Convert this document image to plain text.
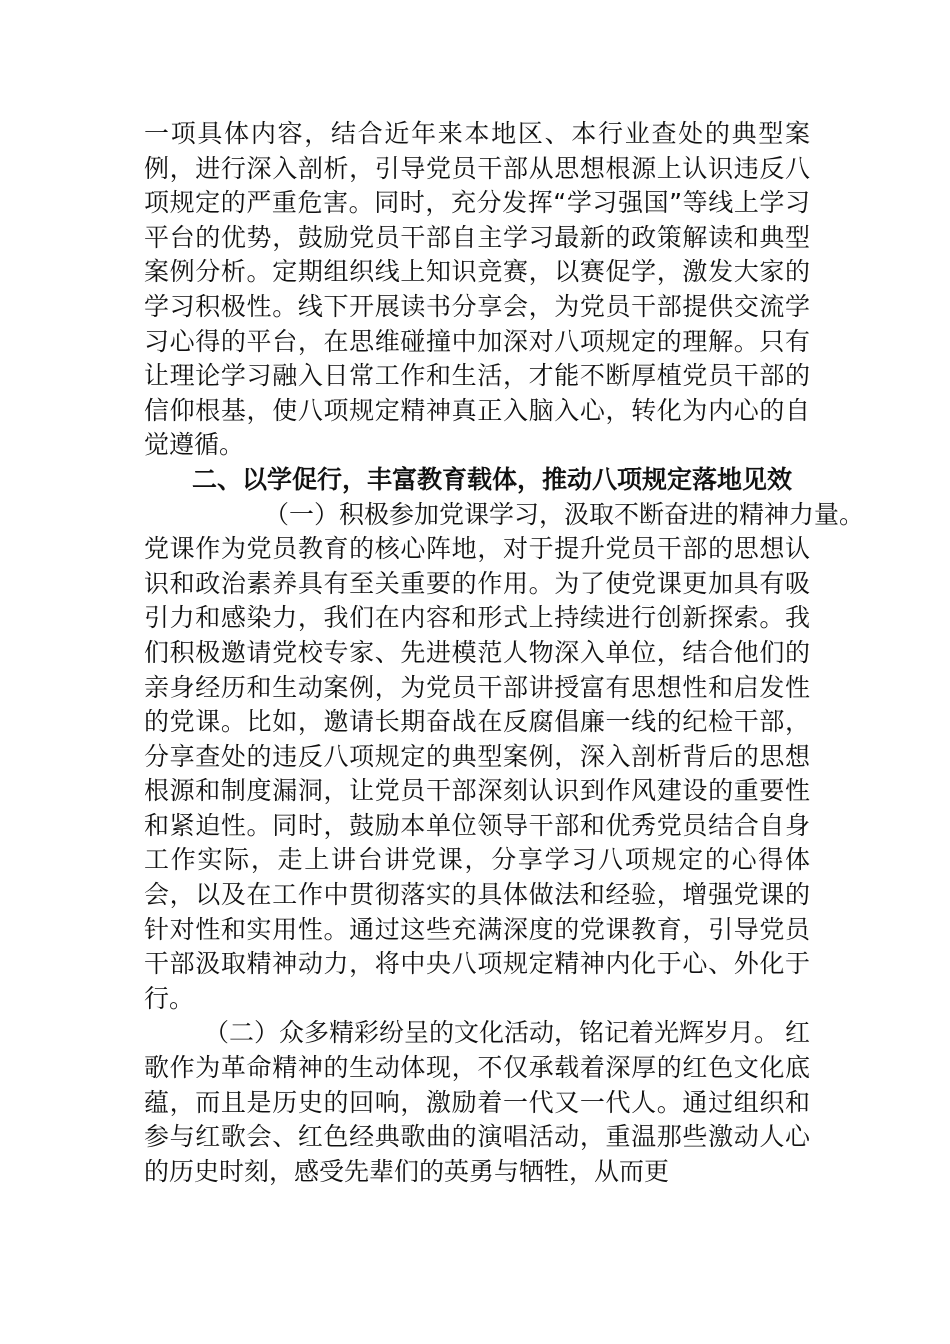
一项具体内容，结合近年来本地区、本行业查处的典型案例，进行深入剖析，引导党员干部从思想根源上认识违反八项规定的严重危害。同时，充分发挥“学习强国”等线上学习平台的优势，鼓励党员干部自主学习最新的政策解读和典型案例分析。定期组织线上知识竞赛，以赛促学，激发大家的学习积极性。线下开展读书分享会，为党员干部提供交流学习心得的平台，在思维碰撞中加深对八项规定的理解。只有让理论学习融入日常工作和生活，才能不断厚植党员干部的信仰根基，使八项规定精神真正入脑入心，转化为内心的自觉遵循。

二、以学促行，丰富教育载体，推动八项规定落地见效

（一）积极参加党课学习，汲取不断奋进的精神力量。党课作为党员教育的核心阵地，对于提升党员干部的思想认识和政治素养具有至关重要的作用。为了使党课更加具有吸引力和感染力，我们在内容和形式上持续进行创新探索。我们积极邀请党校专家、先进模范人物深入单位，结合他们的亲身经历和生动案例，为党员干部讲授富有思想性和启发性的党课。比如，邀请长期奋战在反腐倡廉一线的纪检干部，分享查处的违反八项规定的典型案例，深入剖析背后的思想根源和制度漏洞，让党员干部深刻认识到作风建设的重要性和紧迫性。同时，鼓励本单位领导干部和优秀党员结合自身工作实际，走上讲台讲党课，分享学习八项规定的心得体会，以及在工作中贯彻落实的具体做法和经验，增强党课的针对性和实用性。通过这些充满深度的党课教育，引导党员干部汲取精神动力，将中央八项规定精神内化于心、外化于行。

（二）众多精彩纷呈的文化活动，铭记着光辉岁月。红歌作为革命精神的生动体现，不仅承载着深厚的红色文化底蕴，而且是历史的回响，激励着一代又一代人。通过组织和参与红歌会、红色经典歌曲的演唱活动，重温那些激动人心的历史时刻，感受先辈们的英勇与牺牲，从而更
